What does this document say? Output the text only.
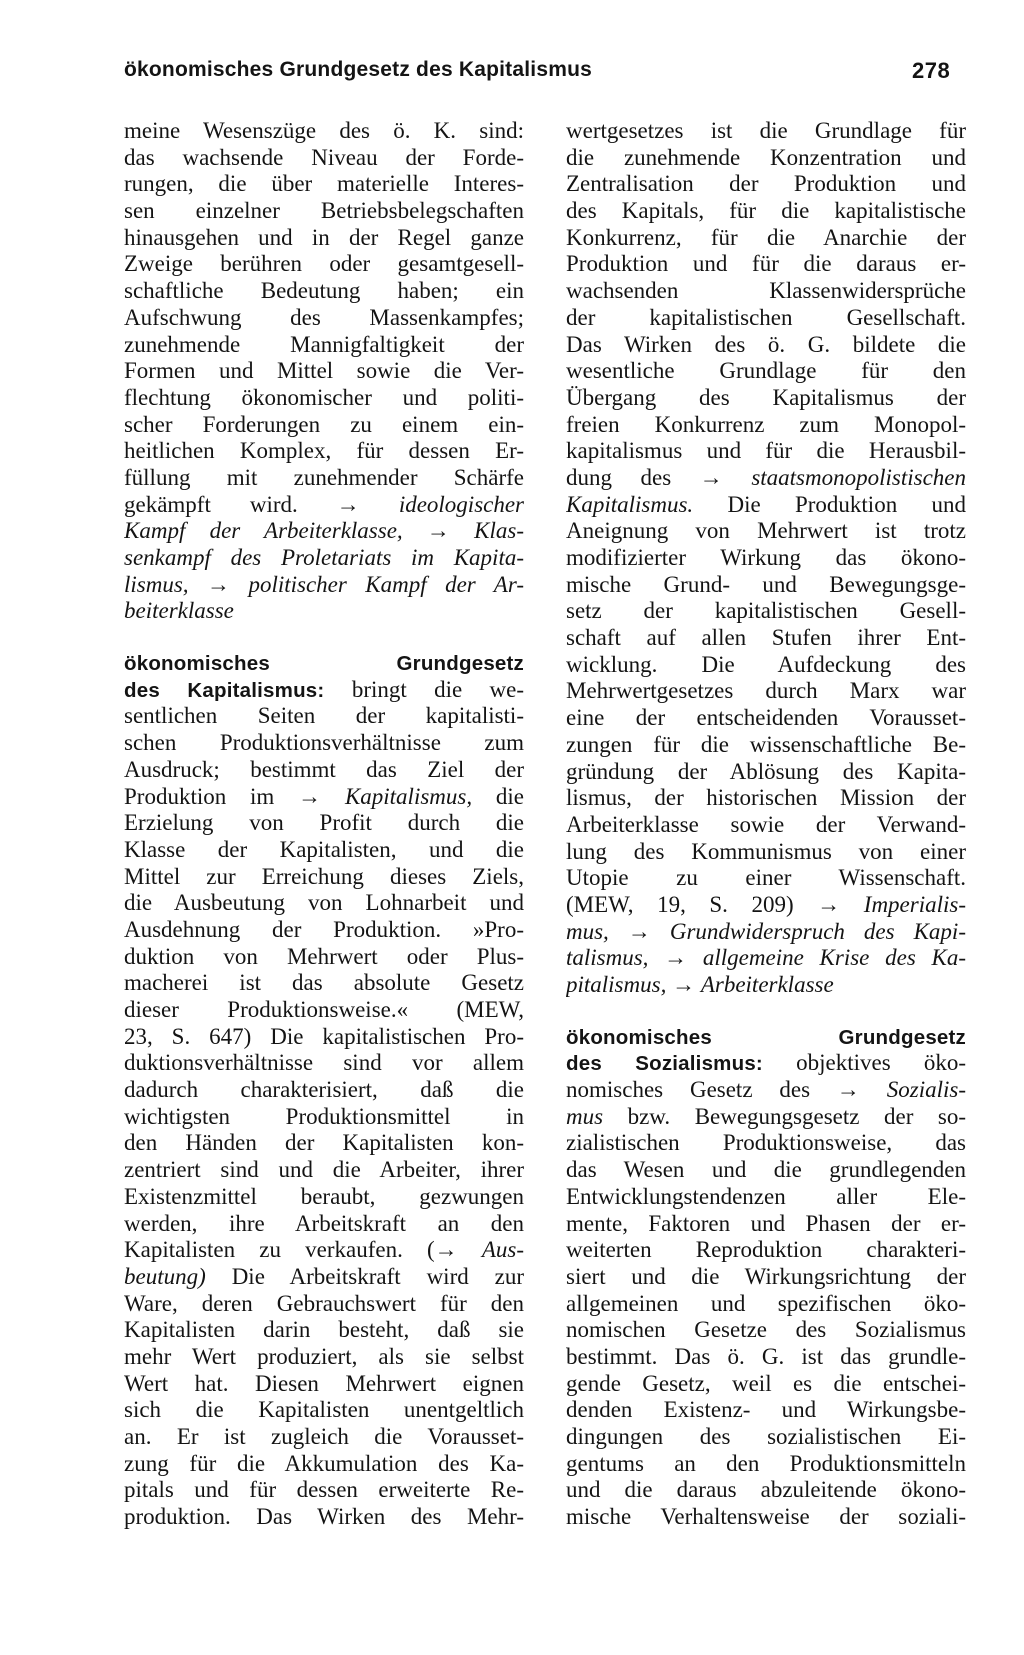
ökonomisches Grundgesetz des Kapitalismus	278
meine Wesenszüge des ö. K. sind:
das wachsende Niveau der Forde-
rungen, die über materielle Interes-
sen einzelner Betriebsbelegschaften
hinausgehen und in der Regel ganze
Zweige berühren oder gesamtgesell-
schaftliche Bedeutung haben; ein
Aufschwung des Massenkampfes;
zunehmende Mannigfaltigkeit der
Formen und Mittel sowie die Ver-
flechtung ökonomischer und politi-
scher Forderungen zu einem ein-
heitlichen Komplex, für dessen Er-
füllung mit zunehmender Schärfe
gekämpft wird. → ideologischer
Kampf der Arbeiterklasse, → Klas-
senkampf des Proletariats im Kapita-
lismus, → politischer Kampf der Ar-
beiterklasse
ökonomisches	Grundgesetz
des Kapitalismus: bringt die we-
sentlichen Seiten der kapitalisti-
schen Produktionsverhältnisse zum
Ausdruck; bestimmt das Ziel der
Produktion im → Kapitalismus, die
Erzielung von Profit durch die
Klasse der Kapitalisten, und die
Mittel zur Erreichung dieses Ziels,
die Ausbeutung von Lohnarbeit und
Ausdehnung der Produktion. »Pro-
duktion von Mehrwert oder Plus-
macherei ist das absolute Gesetz
dieser Produktionsweise.« (MEW,
23, S. 647) Die kapitalistischen Pro-
duktionsverhältnisse sind vor allem
dadurch charakterisiert, daß die
wichtigsten Produktionsmittel in
den Händen der Kapitalisten kon-
zentriert sind und die Arbeiter, ihrer
Existenzmittel beraubt, gezwungen
werden, ihre Arbeitskraft an den
Kapitalisten zu verkaufen. (→ Aus-
beutung) Die Arbeitskraft wird zur
Ware, deren Gebrauchswert für den
Kapitalisten darin besteht, daß sie
mehr Wert produziert, als sie selbst
Wert hat. Diesen Mehrwert eignen
sich die Kapitalisten unentgeltlich
an. Er ist zugleich die Vorausset-
zung für die Akkumulation des Ka-
pitals und für dessen erweiterte Re-
produktion. Das Wirken des Mehr-
wertgesetzes ist die Grundlage für
die zunehmende Konzentration und
Zentralisation der Produktion und
des Kapitals, für die kapitalistische
Konkurrenz, für die Anarchie der
Produktion und für die daraus er-
wachsenden Klassenwidersprüche
der kapitalistischen Gesellschaft.
Das Wirken des ö. G. bildete die
wesentliche Grundlage für den
Übergang des Kapitalismus der
freien Konkurrenz zum Monopol-
kapitalismus und für die Herausbil-
dung des → staatsmonopolistischen
Kapitalismus. Die Produktion und
Aneignung von Mehrwert ist trotz
modifizierter Wirkung das ökono-
mische Grund- und Bewegungsge-
setz der kapitalistischen Gesell-
schaft auf allen Stufen ihrer Ent-
wicklung. Die Aufdeckung des
Mehrwertgesetzes durch Marx war
eine der entscheidenden Vorausset-
zungen für die wissenschaftliche Be-
gründung der Ablösung des Kapita-
lismus, der historischen Mission der
Arbeiterklasse sowie der Verwand-
lung des Kommunismus von einer
Utopie zu einer Wissenschaft.
(MEW, 19, S. 209) → Imperialis-
mus, → Grundwiderspruch des Kapi-
talismus, → allgemeine Krise des Ka-
pitalismus, → Arbeiterklasse
ökonomisches	Grundgesetz
des Sozialismus: objektives öko-
nomisches Gesetz des → Sozialis-
mus bzw. Bewegungsgesetz der so-
zialistischen Produktionsweise, das
das Wesen und die grundlegenden
Entwicklungstendenzen aller Ele-
mente, Faktoren und Phasen der er-
weiterten Reproduktion charakteri-
siert und die Wirkungsrichtung der
allgemeinen und spezifischen öko-
nomischen Gesetze des Sozialismus
bestimmt. Das ö. G. ist das grundle-
gende Gesetz, weil es die entschei-
denden Existenz- und Wirkungsbe-
dingungen des sozialistischen Ei-
gentums an den Produktionsmitteln
und die daraus abzuleitende ökono-
mische Verhaltensweise der soziali-
